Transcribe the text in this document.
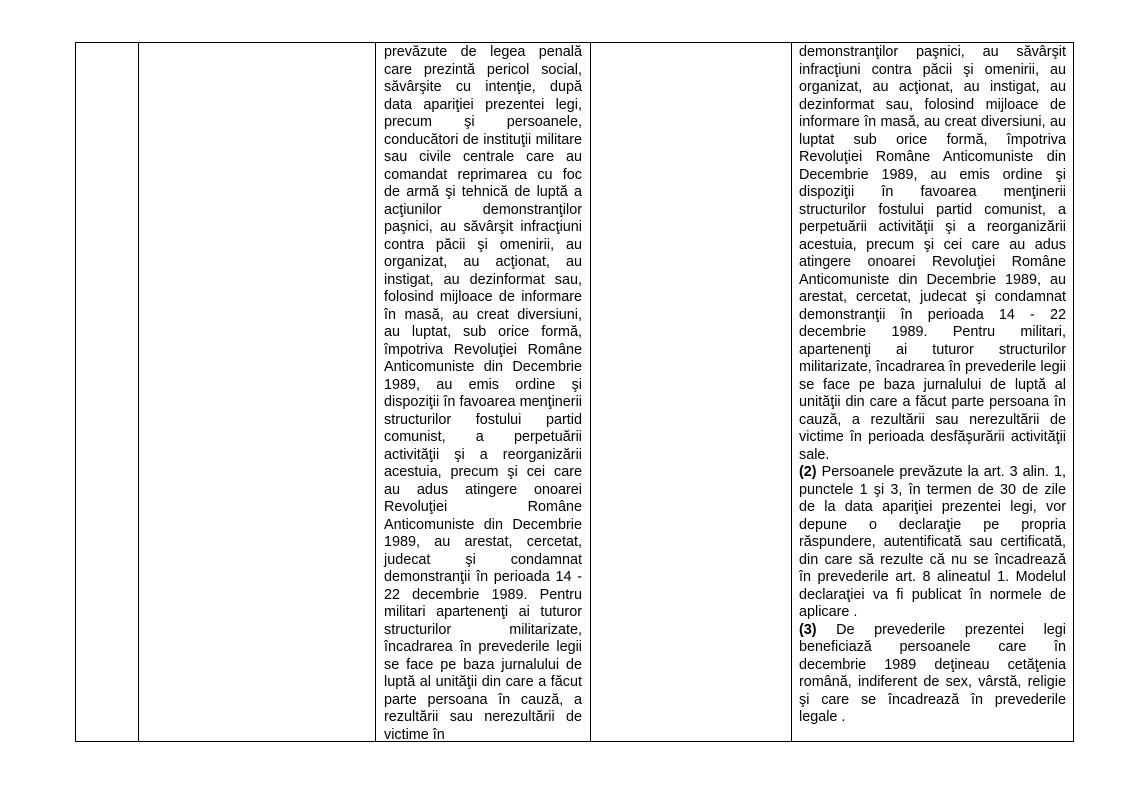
prevăzute de legea penală care prezintă pericol social, săvârşite cu intenţie, după data apariţiei prezentei legi, precum şi persoanele, conducători de instituţii militare sau civile centrale care au comandat reprimarea cu foc de armă şi tehnică de luptă a acţiunilor demonstranţilor paşnici, au săvârşit infracţiuni contra păcii şi omenirii, au organizat, au acţionat, au instigat, au dezinformat sau, folosind mijloace de informare în masă, au creat diversiuni, au luptat, sub orice formă, împotriva Revoluţiei Române Anticomuniste din Decembrie 1989, au emis ordine şi dispoziţii în favoarea menţinerii structurilor fostului partid comunist, a perpetuării activităţii şi a reorganizării acestuia, precum şi cei care au adus atingere onoarei Revoluţiei Române Anticomuniste din Decembrie 1989, au arestat, cercetat, judecat şi condamnat demonstranţii în perioada 14 - 22 decembrie 1989. Pentru militari apartenenţi ai tuturor structurilor militarizate, încadrarea în prevederile legii se face pe baza jurnalului de luptă al unităţii din care a făcut parte persoana în cauză, a rezultării sau nerezultării de victime în

demonstranţilor paşnici, au săvârşit infracţiuni contra păcii şi omenirii, au organizat, au acţionat, au instigat, au dezinformat sau, folosind mijloace de informare în masă, au creat diversiuni, au luptat sub orice formă, împotriva Revoluţiei Române Anticomuniste din Decembrie 1989, au emis ordine şi dispoziţii în favoarea menţinerii structurilor fostului partid comunist, a perpetuării activităţii şi a reorganizării acestuia, precum şi cei care au adus atingere onoarei Revoluţiei Române Anticomuniste din Decembrie 1989, au arestat, cercetat, judecat şi condamnat demonstranţii în perioada 14 - 22 decembrie 1989. Pentru militari, apartenenţi ai tuturor structurilor militarizate, încadrarea în prevederile legii se face pe baza jurnalului de luptă al unităţii din care a făcut parte persoana în cauză, a rezultării sau nerezultării de victime în perioada desfăşurării activităţii sale.

(2) Persoanele prevăzute la art. 3 alin. 1, punctele 1 şi 3, în termen de 30 de zile de la data apariţiei prezentei legi, vor depune o declaraţie pe propria răspundere, autentificată sau certificată, din care să rezulte că nu se încadrează în prevederile art. 8 alineatul 1. Modelul declaraţiei va fi publicat în normele de aplicare .

(3) De prevederile prezentei legi beneficiază persoanele care în decembrie 1989 deţineau cetăţenia română, indiferent de sex, vârstă, religie şi care se încadrează în prevederile legale .
